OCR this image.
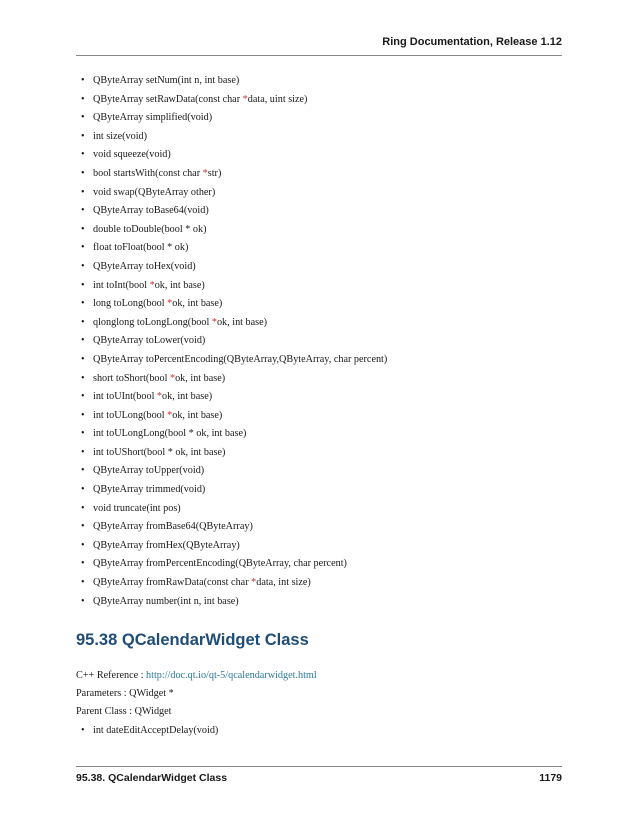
Ring Documentation, Release 1.12
• QByteArray setNum(int n, int base)
• QByteArray setRawData(const char *data, uint size)
• QByteArray simplified(void)
• int size(void)
• void squeeze(void)
• bool startsWith(const char *str)
• void swap(QByteArray other)
• QByteArray toBase64(void)
• double toDouble(bool * ok)
• float toFloat(bool * ok)
• QByteArray toHex(void)
• int toInt(bool *ok, int base)
• long toLong(bool *ok, int base)
• qlonglong toLongLong(bool *ok, int base)
• QByteArray toLower(void)
• QByteArray toPercentEncoding(QByteArray,QByteArray, char percent)
• short toShort(bool *ok, int base)
• int toUInt(bool *ok, int base)
• int toULong(bool *ok, int base)
• int toULongLong(bool * ok, int base)
• int toUShort(bool * ok, int base)
• QByteArray toUpper(void)
• QByteArray trimmed(void)
• void truncate(int pos)
• QByteArray fromBase64(QByteArray)
• QByteArray fromHex(QByteArray)
• QByteArray fromPercentEncoding(QByteArray, char percent)
• QByteArray fromRawData(const char *data, int size)
• QByteArray number(int n, int base)
95.38 QCalendarWidget Class
C++ Reference : http://doc.qt.io/qt-5/qcalendarwidget.html
Parameters : QWidget *
Parent Class : QWidget
• int dateEditAcceptDelay(void)
95.38. QCalendarWidget Class	1179
